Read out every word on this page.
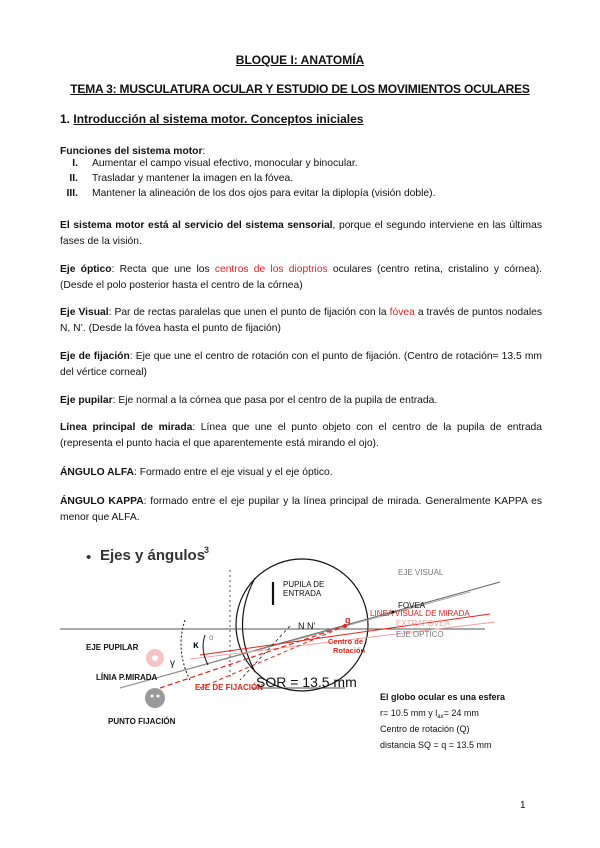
BLOQUE I: ANATOMÍA
TEMA 3: MUSCULATURA OCULAR Y ESTUDIO DE LOS MOVIMIENTOS OCULARES
1. Introducción al sistema motor. Conceptos iniciales
Funciones del sistema motor:
I. Aumentar el campo visual efectivo, monocular y binocular.
II. Trasladar y mantener la imagen en la fóvea.
III. Mantener la alineación de los dos ojos para evitar la diplopía (visión doble).
El sistema motor está al servicio del sistema sensorial, porque el segundo interviene en las últimas fases de la visión.
Eje óptico: Recta que une los centros de los dioptrios oculares (centro retina, cristalino y córnea). (Desde el polo posterior hasta el centro de la córnea)
Eje Visual: Par de rectas paralelas que unen el punto de fijación con la fóvea a través de puntos nodales N, N’. (Desde la fóvea hasta el punto de fijación)
Eje de fijación: Eje que une el centro de rotación con el punto de fijación. (Centro de rotación= 13.5 mm del vértice corneal)
Eje pupilar: Eje normal a la córnea que pasa por el centro de la pupila de entrada.
Línea principal de mirada: Línea que une el punto objeto con el centro de la pupila de entrada (representa el punto hacia el que aparentemente está mirando el ojo).
ÁNGULO ALFA: Formado entre el eje visual y el eje óptico.
ÁNGULO KAPPA: formado entre el eje pupilar y la línea principal de mirada. Generalmente KAPPA es menor que ALFA.
• Ejes y ángulos
3
PUPILA DE
ENTRADA
EJE VISUAL
FOVEA
LINEA VISUAL DE MIRADA
EXTRAFOVEA
EJE OPTICO
N N’
q
Centro de
Rotación
EJE PUPILAR
LÍNIA P.MIRADA
EJE DE FIJACIÓN
PUNTO FIJACIÓN
SOR = 13.5 mm
κ
γ
α
El globo ocular es una esfera
r= 10.5 mm y $l_{ax}= 24$ mm
Centro de rotación (Q)
distancia SQ = q = 13.5 mm
1
